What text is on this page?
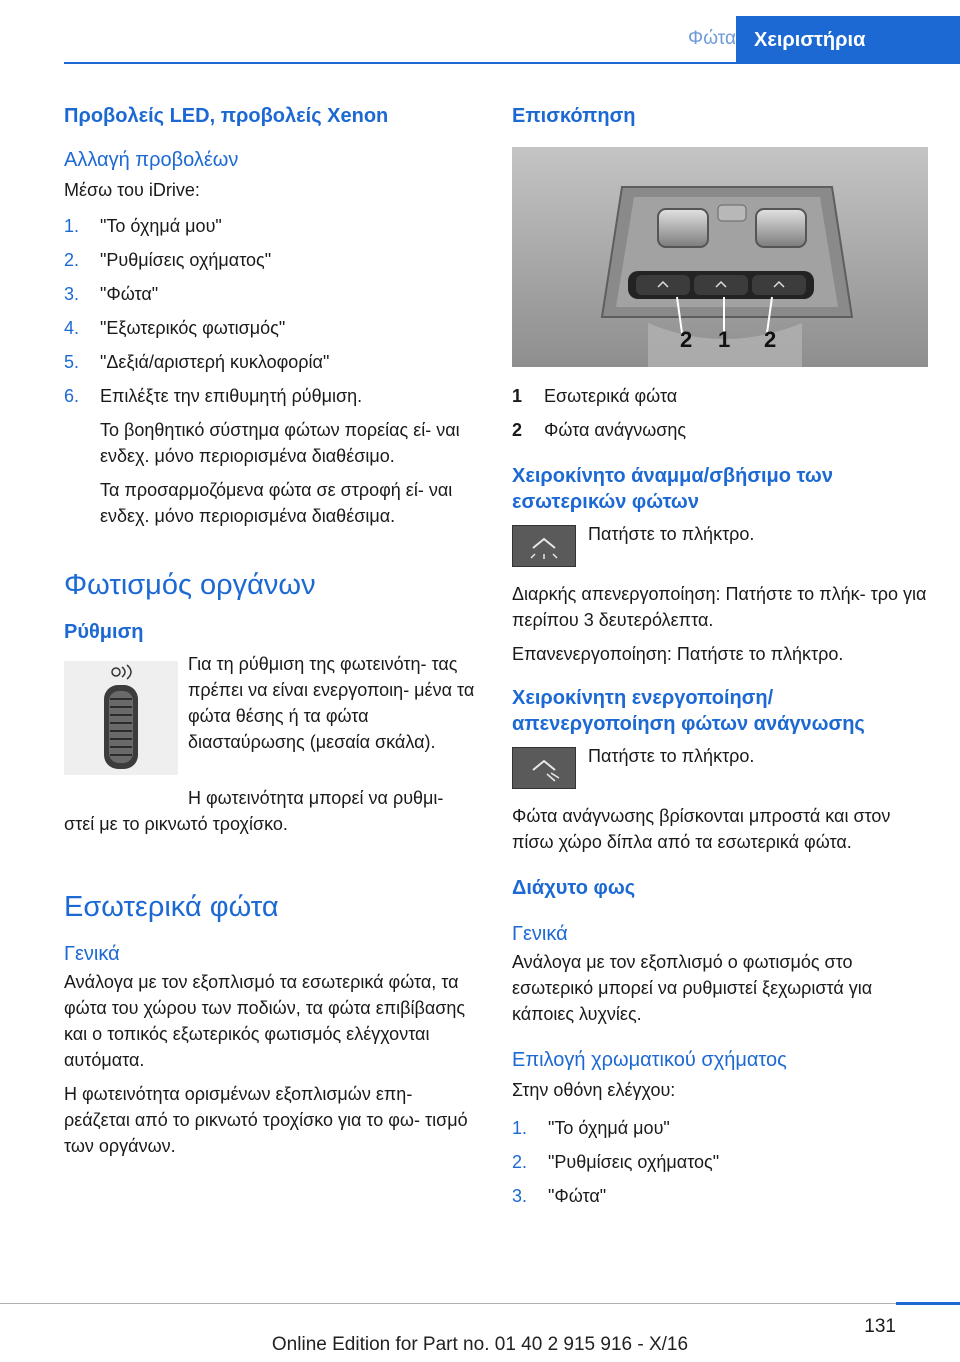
Φώτα Χειριστήρια
Προβολείς LED, προβολείς Xenon
Αλλαγή προβολέων
Μέσω του iDrive:
1. "Το όχημά μου"
2. "Ρυθμίσεις οχήματος"
3. "Φώτα"
4. "Εξωτερικός φωτισμός"
5. "Δεξιά/αριστερή κυκλοφορία"
6. Επιλέξτε την επιθυμητή ρύθμιση.
Το βοηθητικό σύστημα φώτων πορείας εί- ναι ενδεχ. μόνο περιορισμένα διαθέσιμο.
Τα προσαρμοζόμενα φώτα σε στροφή εί- ναι ενδεχ. μόνο περιορισμένα διαθέσιμα.
Φωτισμός οργάνων
Ρύθμιση
Για τη ρύθμιση της φωτεινότη- τας πρέπει να είναι ενεργοποιη- μένα τα φώτα θέσης ή τα φώτα διασταύρωσης (μεσαία σκάλα).
Η φωτεινότητα μπορεί να ρυθμι-
στεί με το ρικνωτό τροχίσκο.
Εσωτερικά φώτα
Γενικά
Ανάλογα με τον εξοπλισμό τα εσωτερικά φώτα, τα φώτα του χώρου των ποδιών, τα φώτα επιβίβασης και ο τοπικός εξωτερικός φωτισμός ελέγχονται αυτόματα.
Η φωτεινότητα ορισμένων εξοπλισμών επη- ρεάζεται από το ρικνωτό τροχίσκο για το φω- τισμό των οργάνων.
Επισκόπηση
2 1 2
1 Εσωτερικά φώτα
2 Φώτα ανάγνωσης
Χειροκίνητο άναμμα/σβήσιμο των εσωτερικών φώτων
Πατήστε το πλήκτρο.
Διαρκής απενεργοποίηση: Πατήστε το πλήκ- τρο για περίπου 3 δευτερόλεπτα.
Επανενεργοποίηση: Πατήστε το πλήκτρο.
Χειροκίνητη ενεργοποίηση/ απενεργοποίηση φώτων ανάγνωσης
Πατήστε το πλήκτρο.
Φώτα ανάγνωσης βρίσκονται μπροστά και στον πίσω χώρο δίπλα από τα εσωτερικά φώτα.
Διάχυτο φως
Γενικά
Ανάλογα με τον εξοπλισμό ο φωτισμός στο εσωτερικό μπορεί να ρυθμιστεί ξεχωριστά για κάποιες λυχνίες.
Επιλογή χρωματικού σχήματος
Στην οθόνη ελέγχου:
1. "Το όχημά μου"
2. "Ρυθμίσεις οχήματος"
3. "Φώτα"
131
Online Edition for Part no. 01 40 2 915 916 - X/16
